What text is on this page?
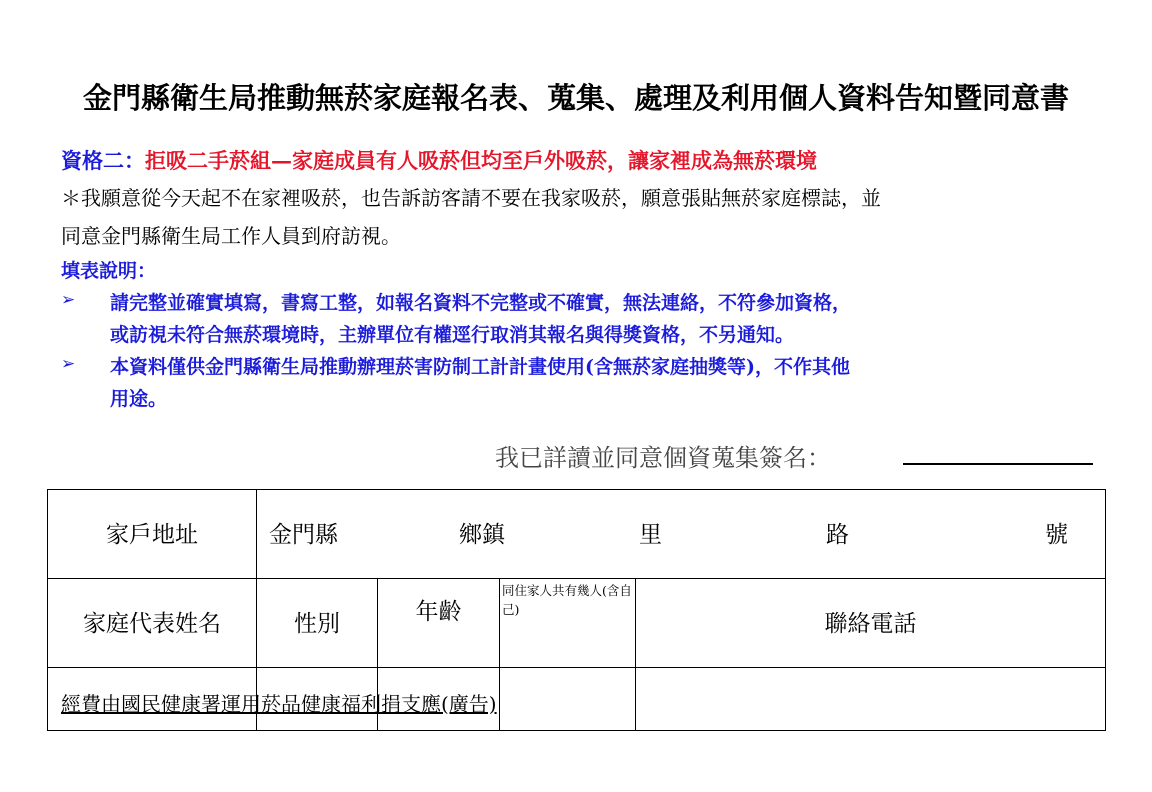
金門縣衛生局推動無菸家庭報名表、蒐集、處理及利用個人資料告知暨同意書
資格二：拒吸二手菸組—家庭成員有人吸菸但均至戶外吸菸，讓家裡成為無菸環境
＊我願意從今天起不在家裡吸菸，也告訴訪客請不要在我家吸菸，願意張貼無菸家庭標誌，並
同意金門縣衛生局工作人員到府訪視。
填表說明：
➢ 請完整並確實填寫，書寫工整，如報名資料不完整或不確實，無法連絡，不符參加資格，
或訪視未符合無菸環境時，主辦單位有權逕行取消其報名與得獎資格，不另通知。
➢ 本資料僅供金門縣衛生局推動辦理菸害防制工計計畫使用(含無菸家庭抽獎等)，不作其他
用途。
我已詳讀並同意個資蒐集簽名：
家戶地址	金門縣 鄉鎮 里 路 號			

家庭代表姓名	性別	年齡	同住家人共有幾人(含自己)	聯絡電話

經費由國民健康署運用菸品健康福利捐支應(廣告)
